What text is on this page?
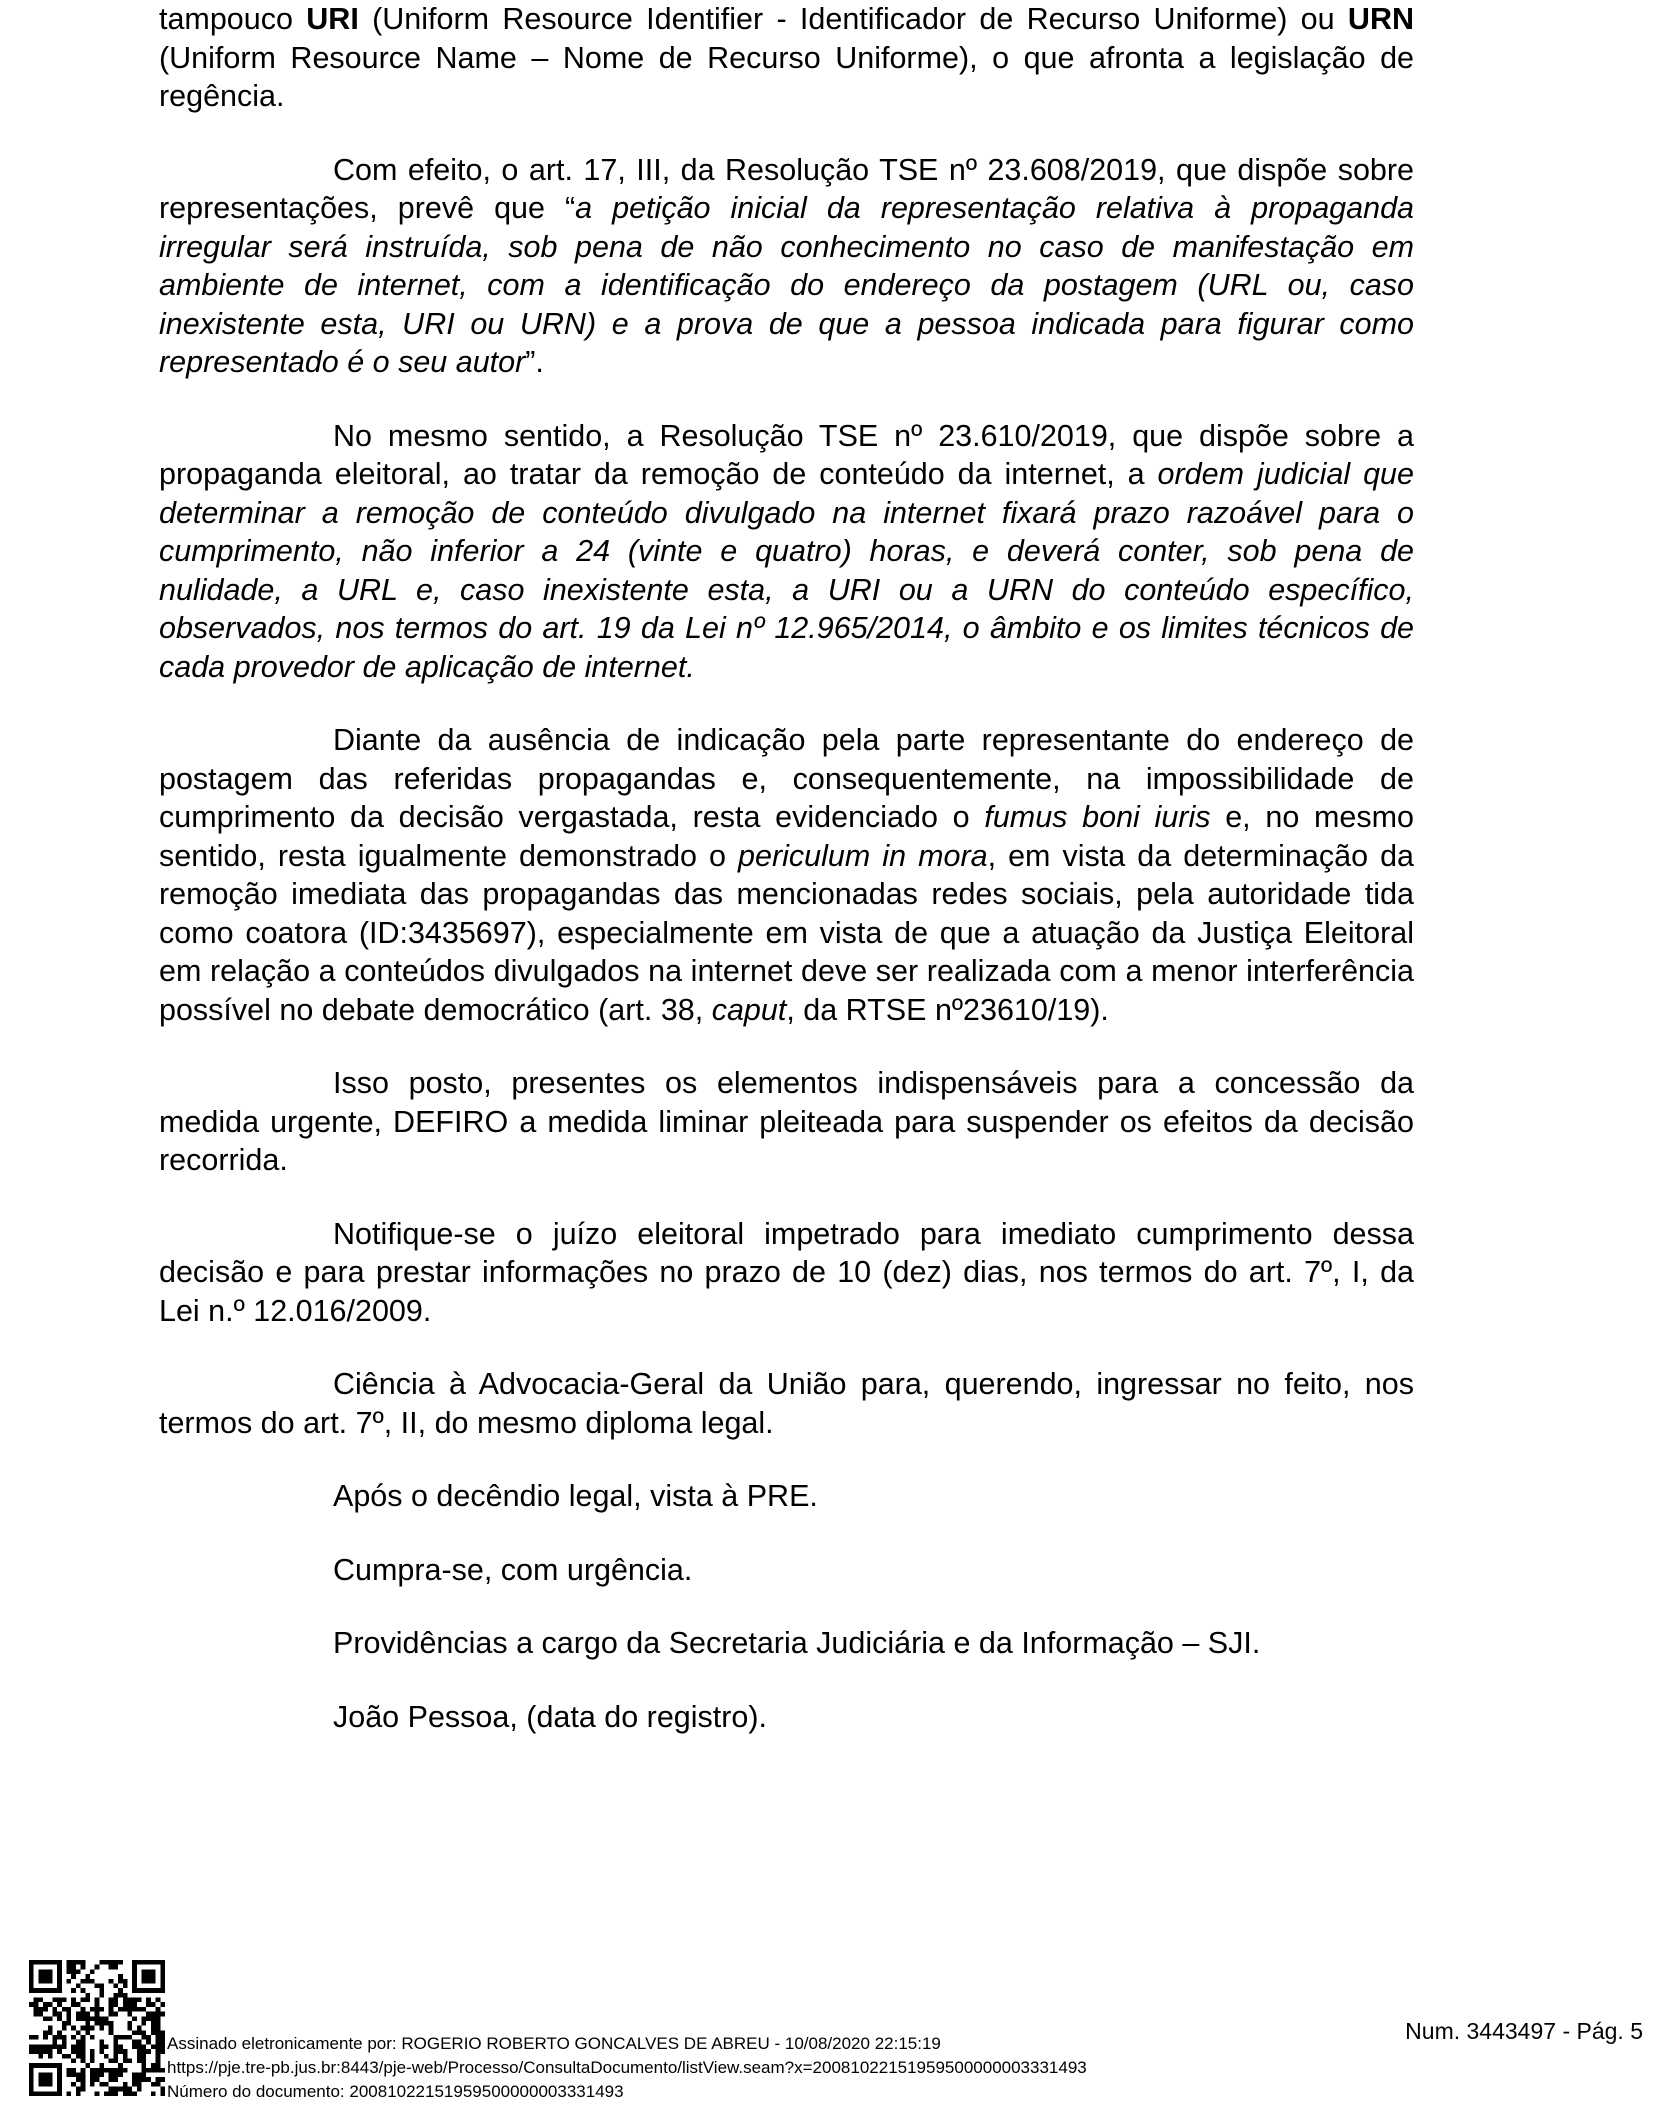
tampouco URI (Uniform Resource Identifier - Identificador de Recurso Uniforme) ou URN (Uniform Resource Name – Nome de Recurso Uniforme), o que afronta a legislação de regência.

Com efeito, o art. 17, III, da Resolução TSE nº 23.608/2019, que dispõe sobre representações, prevê que “a petição inicial da representação relativa à propaganda irregular será instruída, sob pena de não conhecimento no caso de manifestação em ambiente de internet, com a identificação do endereço da postagem (URL ou, caso inexistente esta, URI ou URN) e a prova de que a pessoa indicada para figurar como representado é o seu autor”.

No mesmo sentido, a Resolução TSE nº 23.610/2019, que dispõe sobre a propaganda eleitoral, ao tratar da remoção de conteúdo da internet, a ordem judicial que determinar a remoção de conteúdo divulgado na internet fixará prazo razoável para o cumprimento, não inferior a 24 (vinte e quatro) horas, e deverá conter, sob pena de nulidade, a URL e, caso inexistente esta, a URI ou a URN do conteúdo específico, observados, nos termos do art. 19 da Lei nº 12.965/2014, o âmbito e os limites técnicos de cada provedor de aplicação de internet.

Diante da ausência de indicação pela parte representante do endereço de postagem das referidas propagandas e, consequentemente, na impossibilidade de cumprimento da decisão vergastada, resta evidenciado o fumus boni iuris e, no mesmo sentido, resta igualmente demonstrado o periculum in mora, em vista da determinação da remoção imediata das propagandas das mencionadas redes sociais, pela autoridade tida como coatora (ID:3435697), especialmente em vista de que a atuação da Justiça Eleitoral em relação a conteúdos divulgados na internet deve ser realizada com a menor interferência possível no debate democrático (art. 38, caput, da RTSE nº23610/19).

Isso posto, presentes os elementos indispensáveis para a concessão da medida urgente, DEFIRO a medida liminar pleiteada para suspender os efeitos da decisão recorrida.

Notifique-se o juízo eleitoral impetrado para imediato cumprimento dessa decisão e para prestar informações no prazo de 10 (dez) dias, nos termos do art. 7º, I, da Lei n.º 12.016/2009.

Ciência à Advocacia-Geral da União para, querendo, ingressar no feito, nos termos do art. 7º, II, do mesmo diploma legal.

Após o decêndio legal, vista à PRE.

Cumpra-se, com urgência.

Providências a cargo da Secretaria Judiciária e da Informação – SJI.

João Pessoa, (data do registro).

Assinado eletronicamente por: ROGERIO ROBERTO GONCALVES DE ABREU - 10/08/2020 22:15:19
https://pje.tre-pb.jus.br:8443/pje-web/Processo/ConsultaDocumento/listView.seam?x=20081022151959500000003331493
Número do documento: 20081022151959500000003331493
Num. 3443497 - Pág. 5
